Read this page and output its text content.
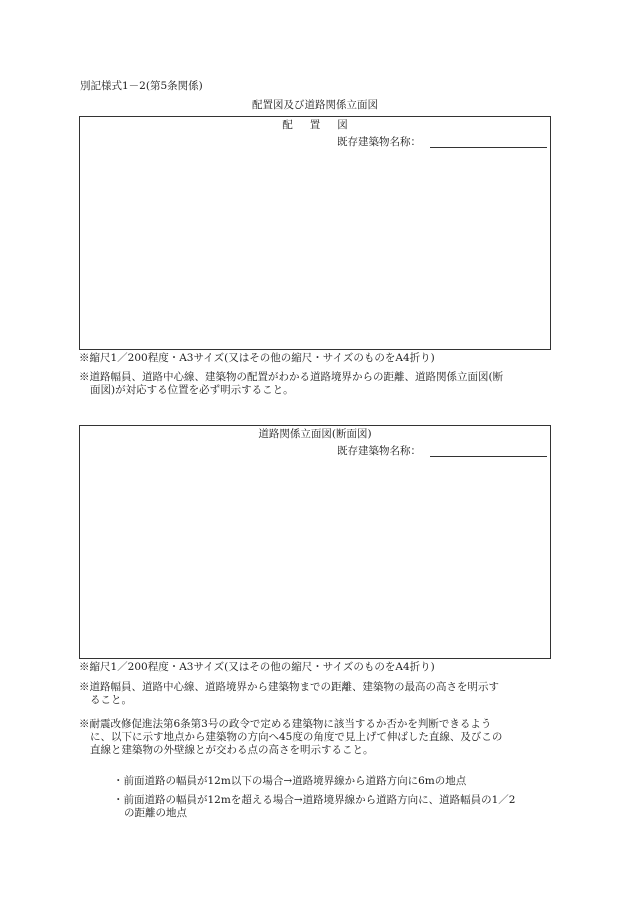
別記様式1－2(第5条関係)
配置図及び道路関係立面図
配置図
既存建築物名称：
※縮尺1／200程度・A3サイズ(又はその他の縮尺・サイズのものをA4折り)
※道路幅員、道路中心線、建築物の配置がわかる道路境界からの距離、道路関係立面図(断
面図)が対応する位置を必ず明示すること。
道路関係立面図(断面図)
既存建築物名称：
※縮尺1／200程度・A3サイズ(又はその他の縮尺・サイズのものをA4折り)
※道路幅員、道路中心線、道路境界から建築物までの距離、建築物の最高の高さを明示す
ること。
※耐震改修促進法第6条第3号の政令で定める建築物に該当するか否かを判断できるよう
に、以下に示す地点から建築物の方向へ45度の角度で見上げて伸ばした直線、及びこの
直線と建築物の外壁線とが交わる点の高さを明示すること。
・前面道路の幅員が12m以下の場合→道路境界線から道路方向に6mの地点
・前面道路の幅員が12mを超える場合→道路境界線から道路方向に、道路幅員の1／2
の距離の地点
